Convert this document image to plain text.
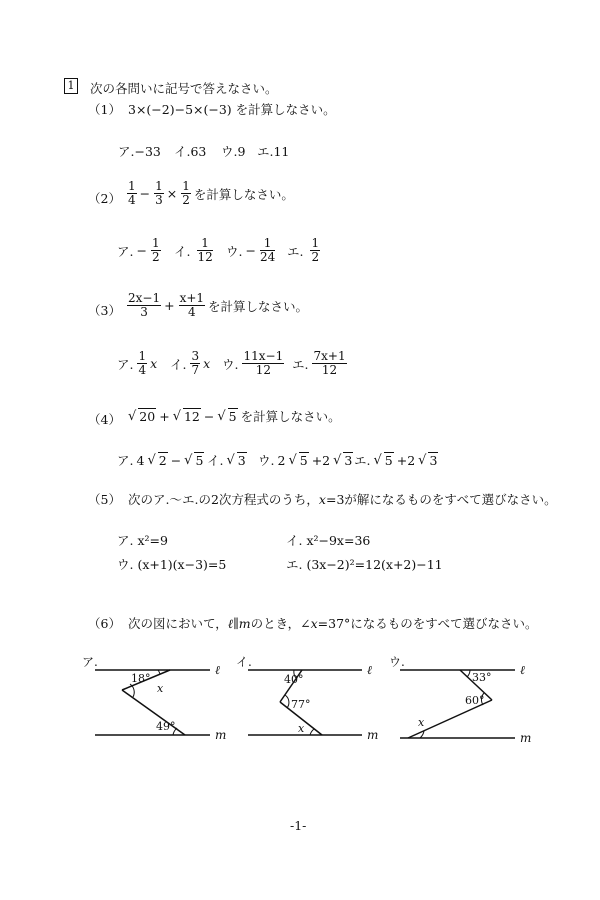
1 次の各問いに記号で答えなさい。
（1） 3×(−2)−5×(−3) を計算しなさい。
ア.−33 イ.63 ウ.9 エ.11
（2）
1
$4 - \frac{1}{3} \times \frac{1}{2}$ を計算しなさい。
ア. − $\frac{1}{2}$ イ.
1
12 ウ. − $\frac{1}{24}$ エ.
1
2
（3）
2x−1
3	+ $\frac{x+1}{4}$ を計算しなさい。
ア.
1
4 x イ.
3
7 x ウ.
11x−1
12	エ.
7x+1
12
（4） √ 20 + √ 12 − √ 5 を計算しなさい。
ア. 4 √ 2 − √ 5 イ. √ 3 ウ. 2 √ 5 +2 √ 3 エ. √ 5 +2 √ 3
（5） 次のア.～エ.の2次方程式のうち，x=3が解になるものをすべて選びなさい。
ア. x²=9	イ. x²−9x=36
ウ. (x+1)(x−3)=5	エ. (3x−2)²=12(x+2)−11
（6） 次の図において，ℓ∥mのとき，∠x=37°になるものをすべて選びなさい。
ア.
ℓ
m
18°
x
49°
イ.
ℓ
m
40°
77°
x
ウ.
ℓ
m
33°
60°
x
-1-
